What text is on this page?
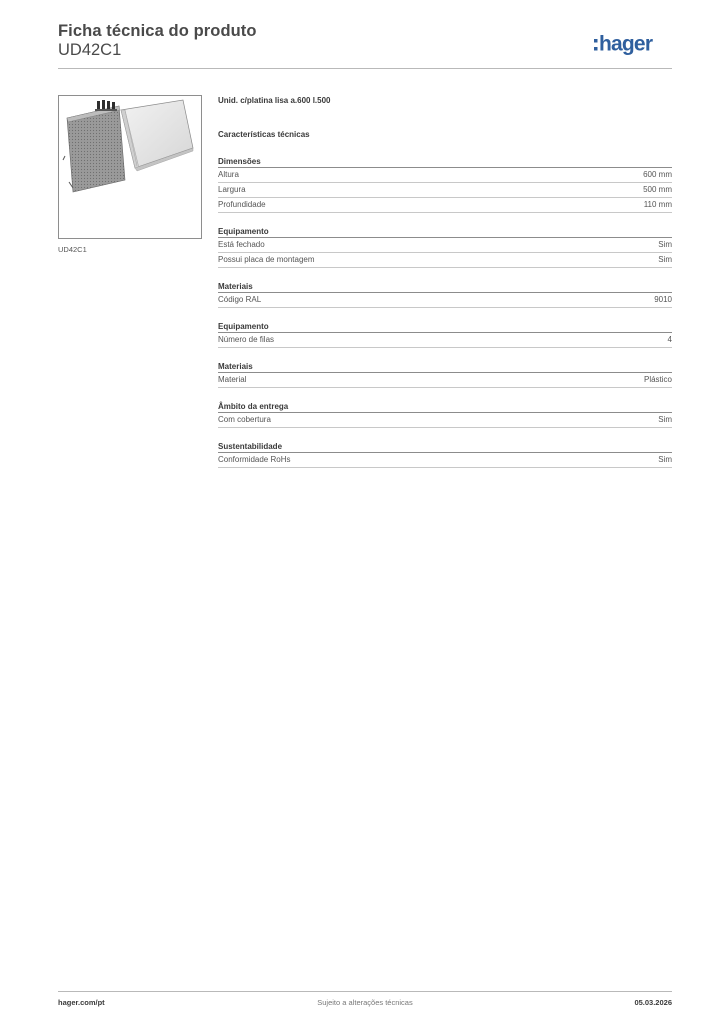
Ficha técnica do produto
UD42C1	hager
UD42C1
Unid. c/platina lisa a.600 l.500
Características técnicas
Dimensões
Altura	600 mm
Largura	500 mm
Profundidade	110 mm
Equipamento
Está fechado	Sim
Possui placa de montagem	Sim
Materiais
Código RAL	9010
Equipamento
Número de filas	4
Materiais
Material	Plástico
Âmbito da entrega
Com cobertura	Sim
Sustentabilidade
Conformidade RoHs	Sim
hager.com/pt	Sujeito a alterações técnicas	05.03.2026
